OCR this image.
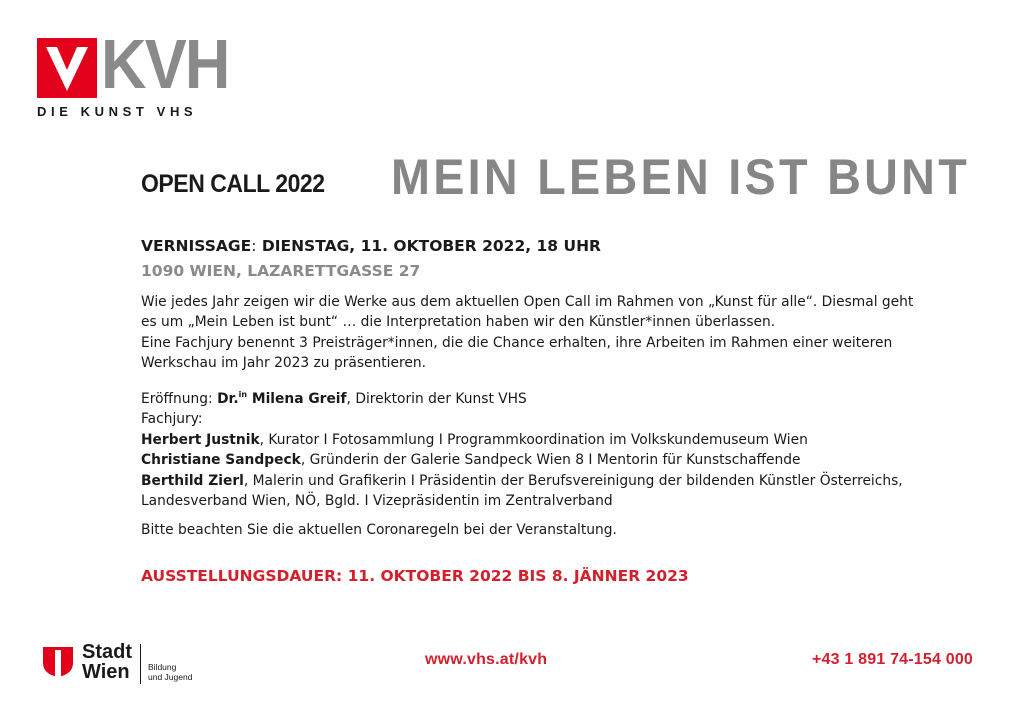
KVH
DIE KUNST VHS
OPEN CALL 2022 MEIN LEBEN IST BUNT
VERNISSAGE: DIENSTAG, 11. OKTOBER 2022, 18 UHR
1090 WIEN, LAZARETTGASSE 27

Wie jedes Jahr zeigen wir die Werke aus dem aktuellen Open Call im Rahmen von „Kunst für alle“. Diesmal geht

es um „Mein Leben ist bunt“ … die Interpretation haben wir den Künstler*innen überlassen.

Eine Fachjury benennt 3 Preisträger*innen, die die Chance erhalten, ihre Arbeiten im Rahmen einer weiteren

Werkschau im Jahr 2023 zu präsentieren.

Eröffnung: Dr.$^{in}$ Milena Greif, Direktorin der Kunst VHS

Fachjury:

Herbert Justnik, Kurator I Fotosammlung I Programmkoordination im Volkskundemuseum Wien

Christiane Sandpeck, Gründerin der Galerie Sandpeck Wien 8 I Mentorin für Kunstschaffende

Berthild Zierl, Malerin und Grafikerin I Präsidentin der Berufsvereinigung der bildenden Künstler Österreichs,

Landesverband Wien, NÖ, Bgld. I Vizepräsidentin im Zentralverband

Bitte beachten Sie die aktuellen Coronaregeln bei der Veranstaltung.

AUSSTELLUNGSDAUER: 11. OKTOBER 2022 BIS 8. JÄNNER 2023
Stadt
Wien Bildung
und Jugend
www.vhs.at/kvh	+43 1 891 74-154 000
